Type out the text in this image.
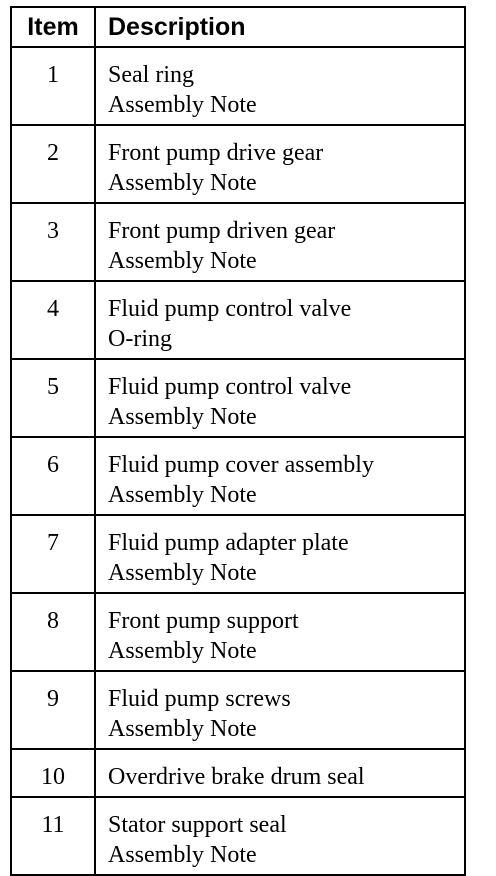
Item	Description
1	Seal ring
Assembly Note

2	Front pump drive gear
Assembly Note

3	Front pump driven gear
Assembly Note

4	Fluid pump control valve
O-ring

5	Fluid pump control valve
Assembly Note

6	Fluid pump cover assembly
Assembly Note

7	Fluid pump adapter plate
Assembly Note

8	Front pump support
Assembly Note

9	Fluid pump screws
Assembly Note

10	Overdrive brake drum seal

11	Stator support seal
Assembly Note
